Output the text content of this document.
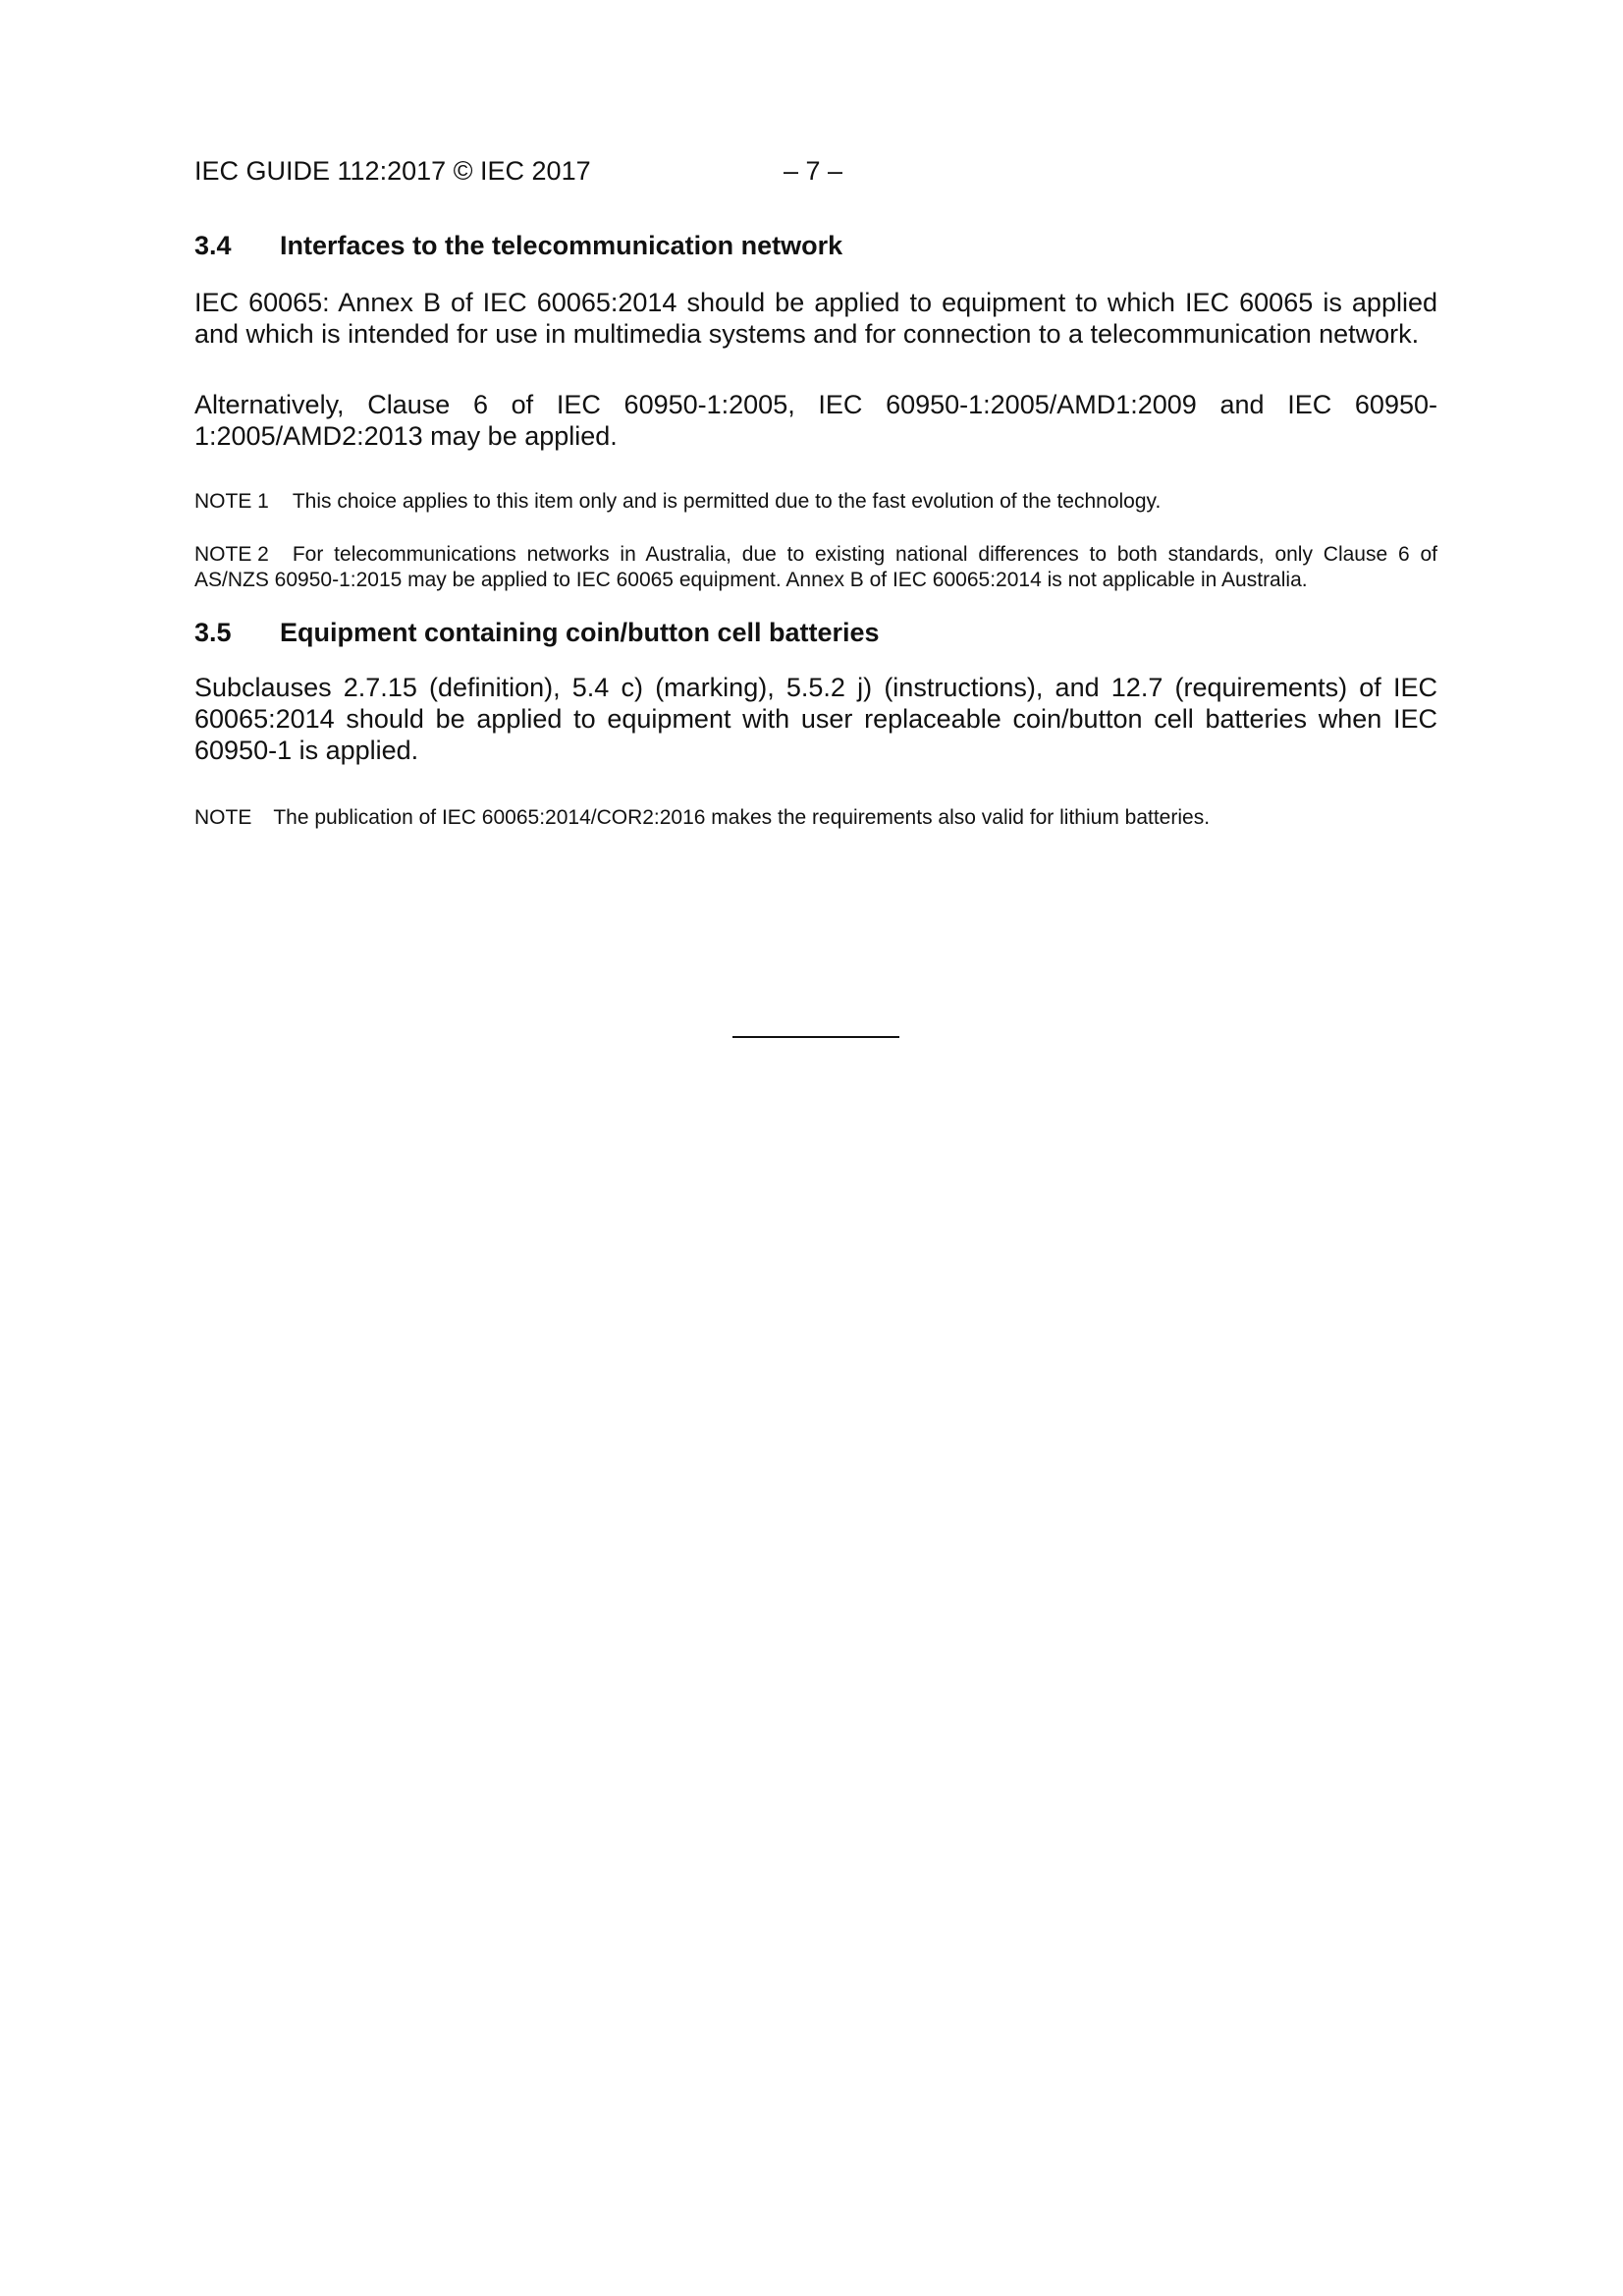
IEC GUIDE 112:2017 © IEC 2017	– 7 –
3.4	Interfaces to the telecommunication network

IEC 60065: Annex B of IEC 60065:2014 should be applied to equipment to which IEC 60065 is applied and which is intended for use in multimedia systems and for connection to a telecommunication network.

Alternatively, Clause 6 of IEC 60950-1:2005, IEC 60950-1:2005/AMD1:2009 and IEC 60950-1:2005/AMD2:2013 may be applied.

NOTE 1 This choice applies to this item only and is permitted due to the fast evolution of the technology.

NOTE 2 For telecommunications networks in Australia, due to existing national differences to both standards, only Clause 6 of AS/NZS 60950-1:2015 may be applied to IEC 60065 equipment. Annex B of IEC 60065:2014 is not applicable in Australia.

3.5	Equipment containing coin/button cell batteries

Subclauses 2.7.15 (definition), 5.4 c) (marking), 5.5.2 j) (instructions), and 12.7 (requirements) of IEC 60065:2014 should be applied to equipment with user replaceable coin/button cell batteries when IEC 60950-1 is applied.

NOTE The publication of IEC 60065:2014/COR2:2016 makes the requirements also valid for lithium batteries.
